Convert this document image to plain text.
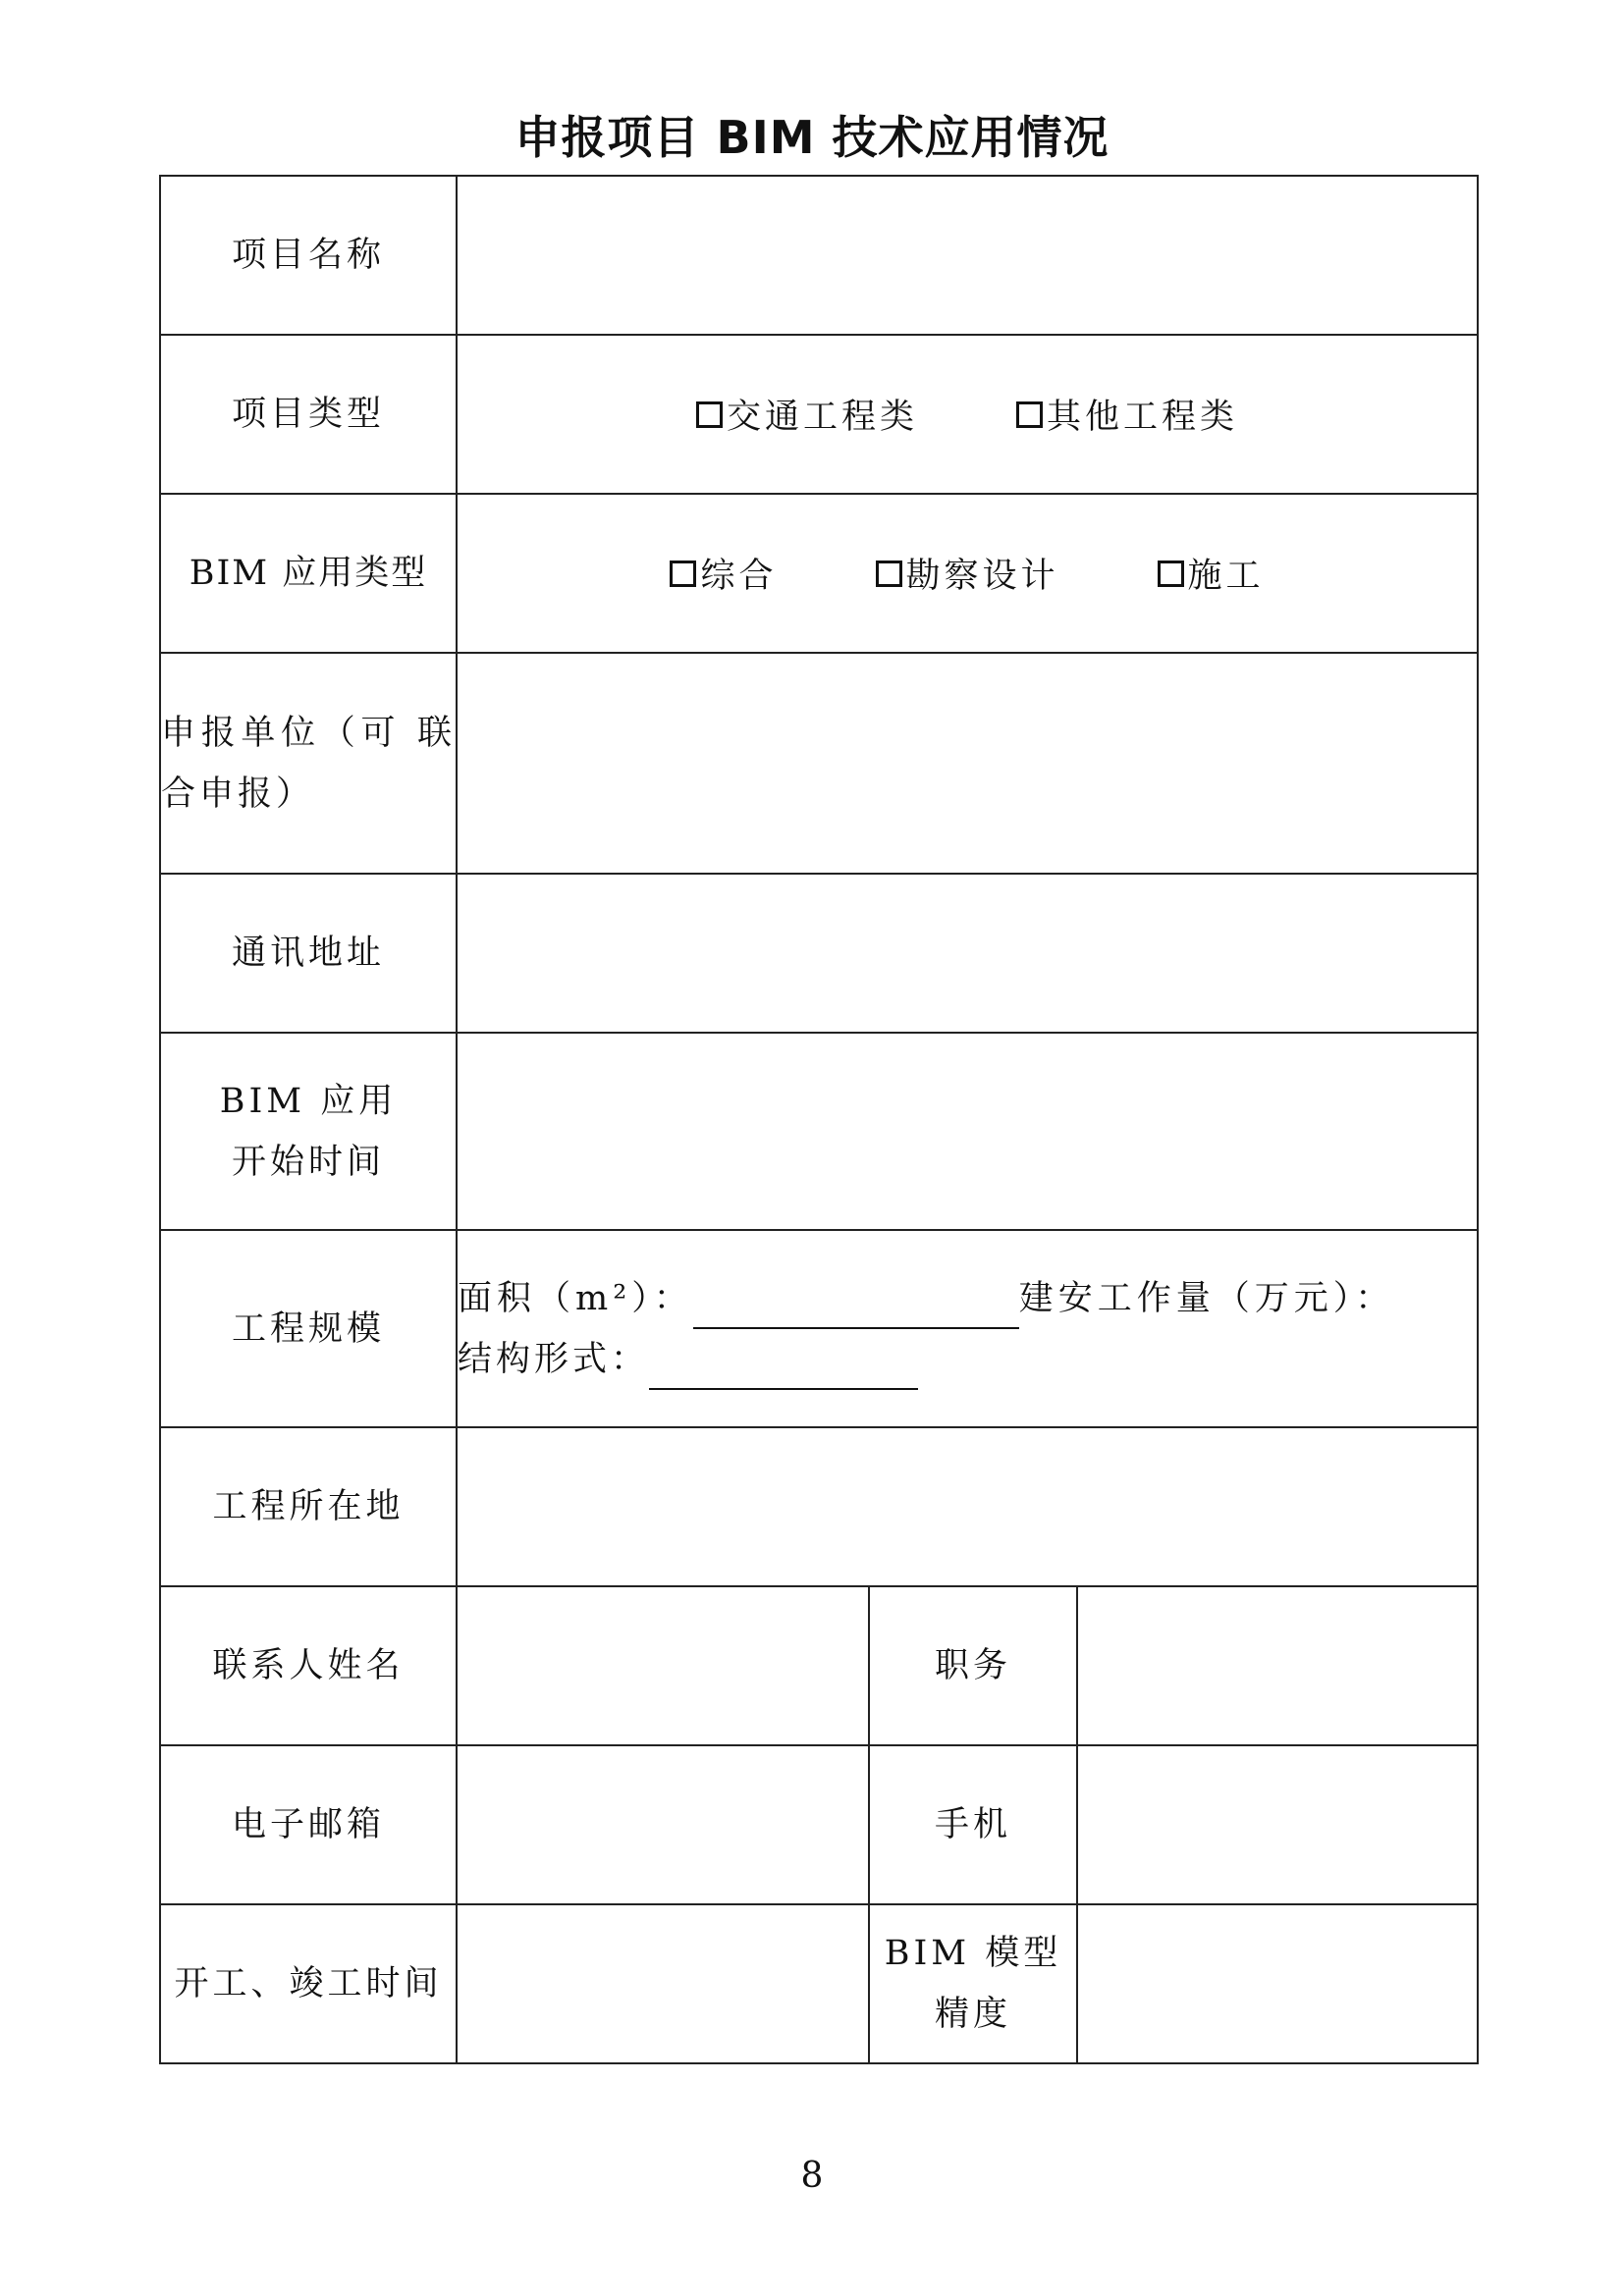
申报项目 BIM 技术应用情况
项目名称			
项目类型	交通工程类 其他工程类		
BIM 应用类型	综合 勘察设计 施工		
申报单位（可 联合申报）			
通讯地址			

BIM 应用
开始时间			

工程规模	面积（m²）： 建安工作量（万元）：
结构形式：		

工程所在地			
联系人姓名		职务	
电子邮箱		手机	
开工、竣工时间		BIM 模型
精度	

8
